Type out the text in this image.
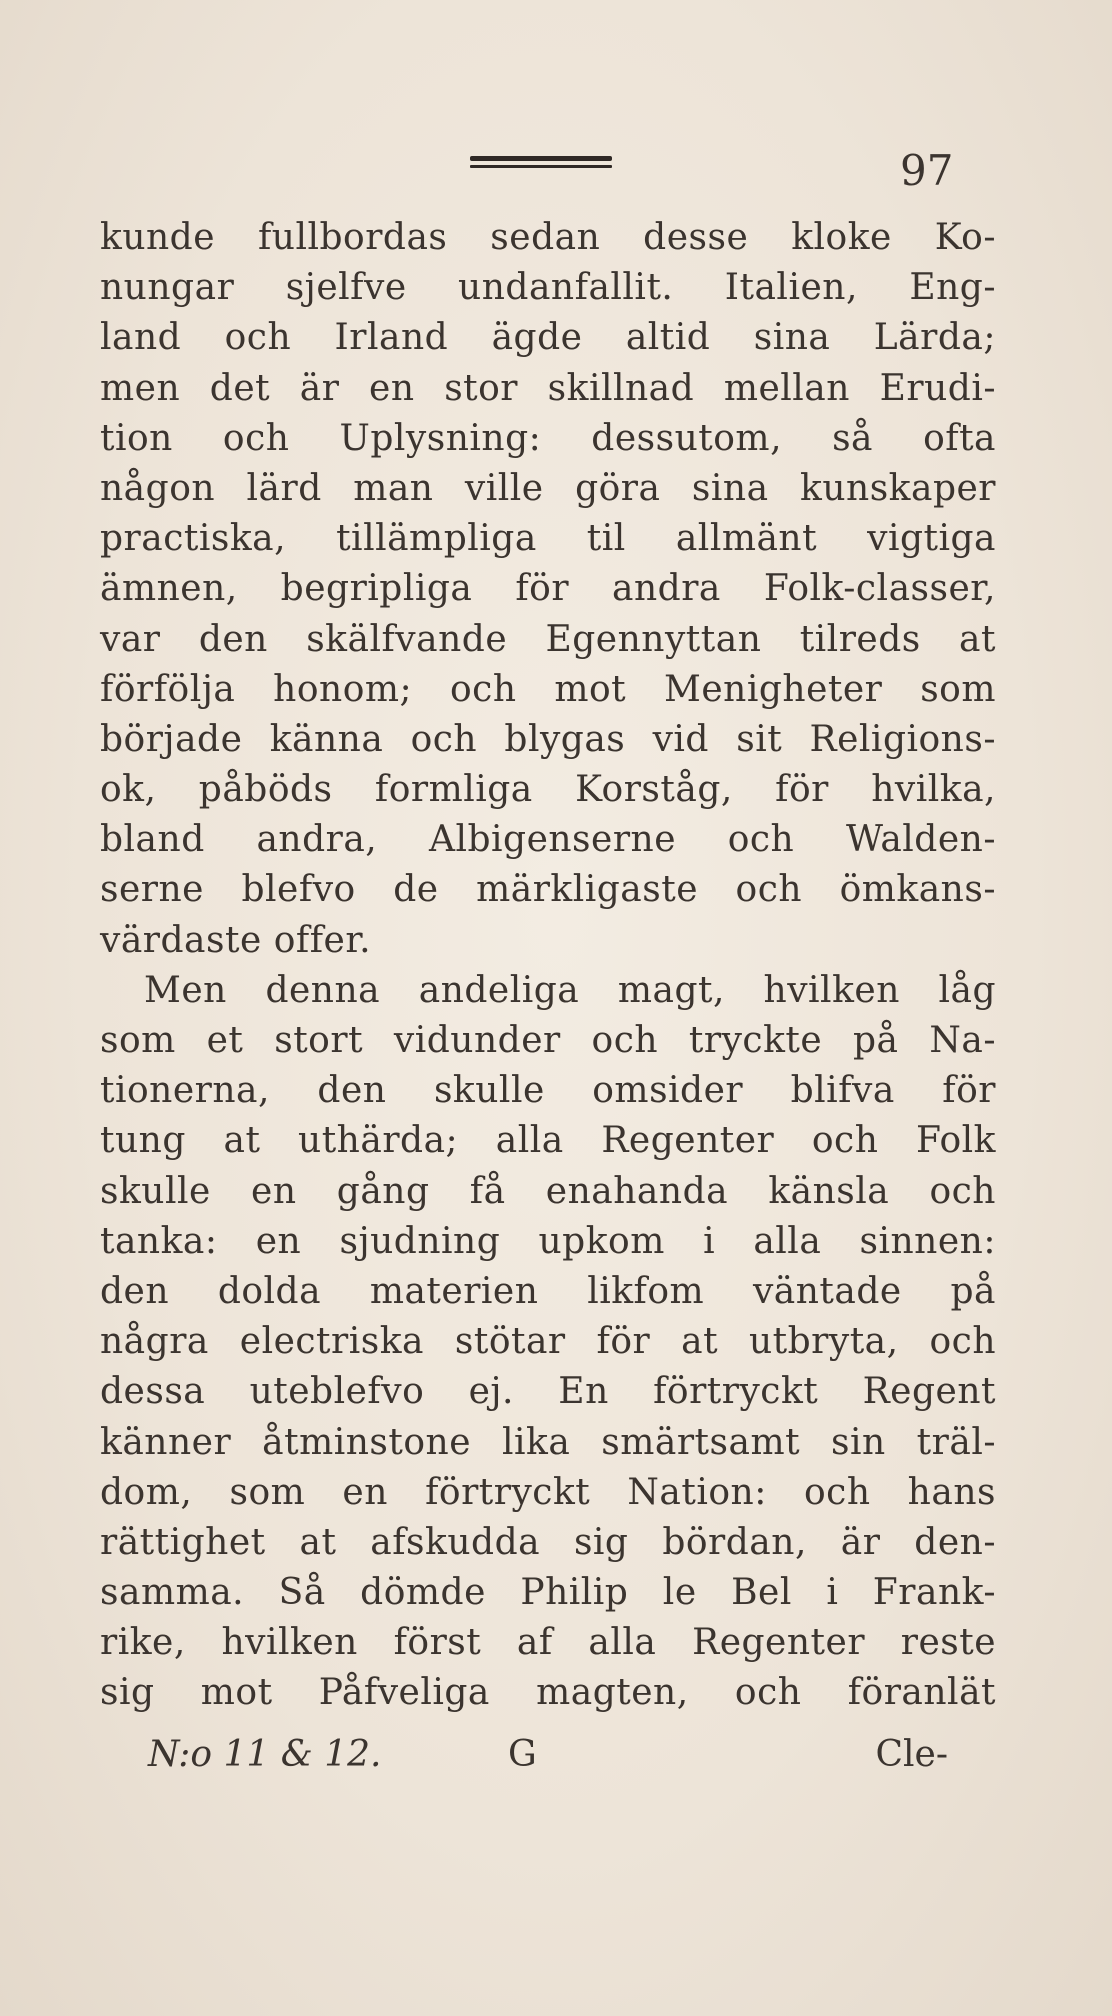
97
kunde fullbordas sedan desse kloke Ko-
nungar sjelfve undanfallit. Italien, Eng-
land och Irland ägde altid sina Lärda;
men det är en stor skillnad mellan Erudi-
tion och Uplysning: dessutom, så ofta
någon lärd man ville göra sina kunskaper
practiska, tillämpliga til allmänt vigtiga
ämnen, begripliga för andra Folk-classer,
var den skälfvande Egennyttan tilreds at
förfölja honom; och mot Menigheter som
började känna och blygas vid sit Religions-
ok, påböds formliga Korståg, för hvilka,
bland andra, Albigenserne och Walden-
serne blefvo de märkligaste och ömkans-
värdaste offer.
Men denna andeliga magt, hvilken låg
som et stort vidunder och tryckte på Na-
tionerna, den skulle omsider blifva för
tung at uthärda; alla Regenter och Folk
skulle en gång få enahanda känsla och
tanka: en sjudning upkom i alla sinnen:
den dolda materien likfom väntade på
några electriska stötar för at utbryta, och
dessa uteblefvo ej. En förtryckt Regent
känner åtminstone lika smärtsamt sin träl-
dom, som en förtryckt Nation: och hans
rättighet at afskudda sig bördan, är den-
samma. Så dömde Philip le Bel i Frank-
rike, hvilken först af alla Regenter reste
sig mot Påfveliga magten, och föranlät
N:o 11 & 12.	G	Cle-
